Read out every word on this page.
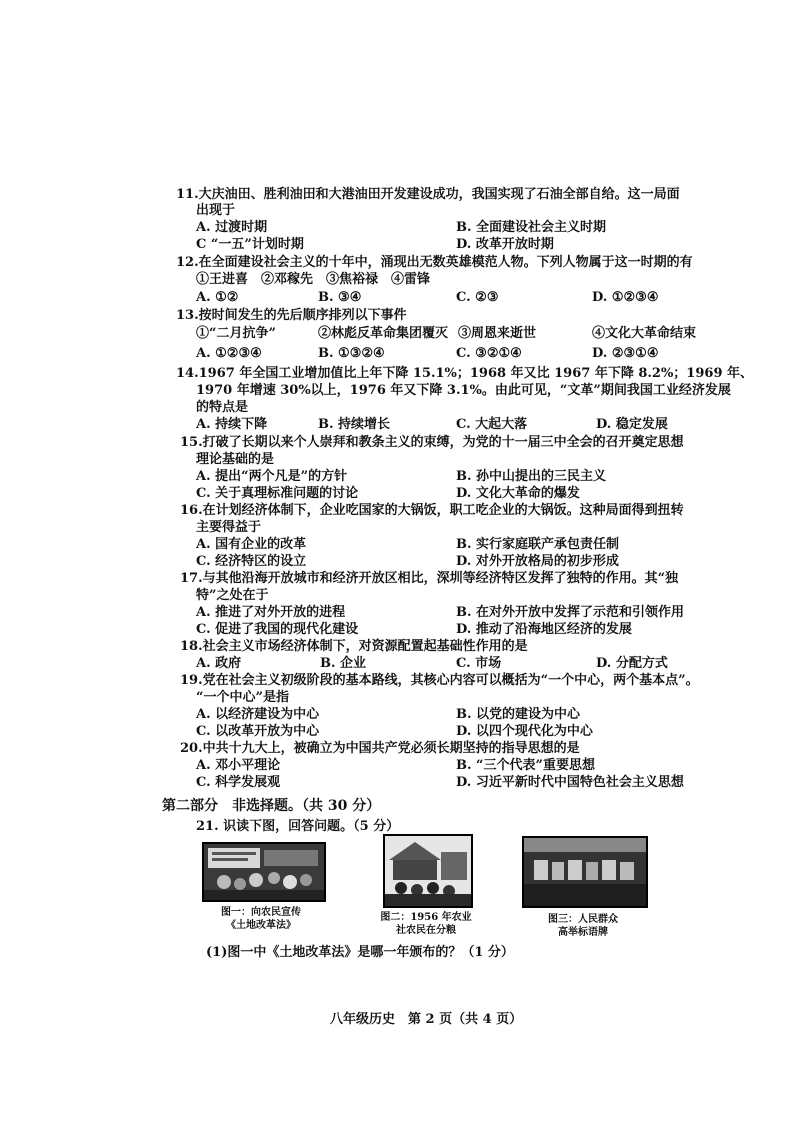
11.大庆油田、胜利油田和大港油田开发建设成功，我国实现了石油全部自给。这一局面
出现于
A. 过渡时期	B. 全面建设社会主义时期
C “一五”计划时期	D. 改革开放时期
12.在全面建设社会主义的十年中，涌现出无数英雄模范人物。下列人物属于这一时期的有
①王进喜　②邓稼先　③焦裕禄　④雷锋
A. ①②	B. ③④	C. ②③	D. ①②③④
13.按时间发生的先后顺序排列以下事件
①“二月抗争”	②林彪反革命集团覆灭 ③周恩来逝世	④文化大革命结束
A. ①②③④	B. ①③②④	C. ③②①④	D. ②③①④
14.1967 年全国工业增加值比上年下降 15.1%；1968 年又比 1967 年下降 8.2%；1969 年、
1970 年增速 30%以上，1976 年又下降 3.1%。由此可见，“文革”期间我国工业经济发展
的特点是
A. 持续下降	B. 持续增长	C. 大起大落	D. 稳定发展
15.打破了长期以来个人崇拜和教条主义的束缚，为党的十一届三中全会的召开奠定思想
理论基础的是
A. 提出“两个凡是”的方针	B. 孙中山提出的三民主义
C. 关于真理标准问题的讨论	D. 文化大革命的爆发
16.在计划经济体制下，企业吃国家的大锅饭，职工吃企业的大锅饭。这种局面得到扭转
主要得益于
A. 国有企业的改革	B. 实行家庭联产承包责任制
C. 经济特区的设立	D. 对外开放格局的初步形成
17.与其他沿海开放城市和经济开放区相比，深圳等经济特区发挥了独特的作用。其“独
特”之处在于
A. 推进了对外开放的进程	B. 在对外开放中发挥了示范和引领作用
C. 促进了我国的现代化建设	D. 推动了沿海地区经济的发展
18.社会主义市场经济体制下，对资源配置起基础性作用的是
A. 政府	B. 企业	C. 市场	D. 分配方式
19.党在社会主义初级阶段的基本路线，其核心内容可以概括为“一个中心，两个基本点”。
“一个中心”是指
A. 以经济建设为中心	B. 以党的建设为中心
C. 以改革开放为中心	D. 以四个现代化为中心
20.中共十九大上，被确立为中国共产党必须长期坚持的指导思想的是
A. 邓小平理论	B. “三个代表”重要思想
C. 科学发展观	D. 习近平新时代中国特色社会主义思想
第二部分　非选择题。（共 30 分）
21. 识读下图，回答问题。（5 分）
图一：向农民宣传
《土地改革法》
图二：1956 年农业
社农民在分粮
图三：人民群众
高举标语牌
(1)图一中《土地改革法》是哪一年颁布的？（1 分）
八年级历史　第 2 页（共 4 页）
